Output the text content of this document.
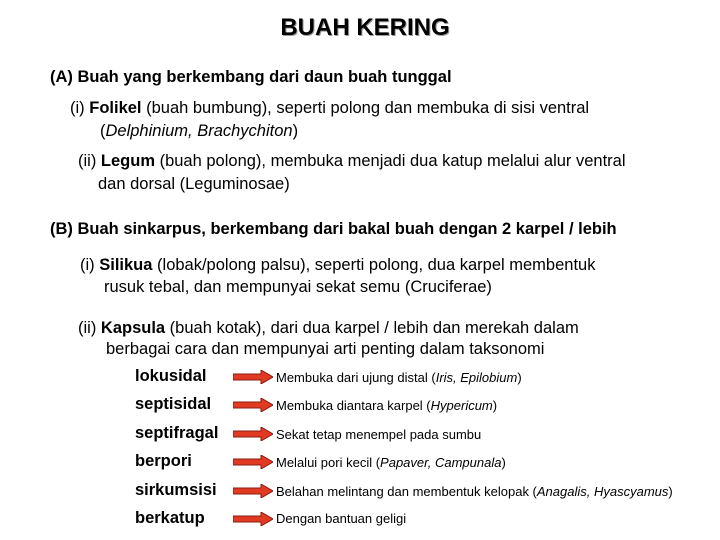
BUAH KERING
(A) Buah yang berkembang dari daun buah tunggal
(i) Folikel (buah bumbung), seperti polong dan membuka di sisi ventral
(Delphinium, Brachychiton)
(ii) Legum (buah polong), membuka menjadi dua katup melalui alur ventral
dan dorsal (Leguminosae)
(B) Buah sinkarpus, berkembang dari bakal buah dengan 2 karpel / lebih
(i) Silikua (lobak/polong palsu), seperti polong, dua karpel membentuk
rusuk tebal, dan mempunyai sekat semu (Cruciferae)
(ii) Kapsula (buah kotak), dari dua karpel / lebih dan merekah dalam
berbagai cara dan mempunyai arti penting dalam taksonomi
lokusidal	Membuka dari ujung distal (Iris, Epilobium)
septisidal	Membuka diantara karpel (Hypericum)
septifragal	Sekat tetap menempel pada sumbu
berpori	Melalui pori kecil (Papaver, Campunala)
sirkumsisi	Belahan melintang dan membentuk kelopak (Anagalis, Hyascyamus)
berkatup	Dengan bantuan geligi
